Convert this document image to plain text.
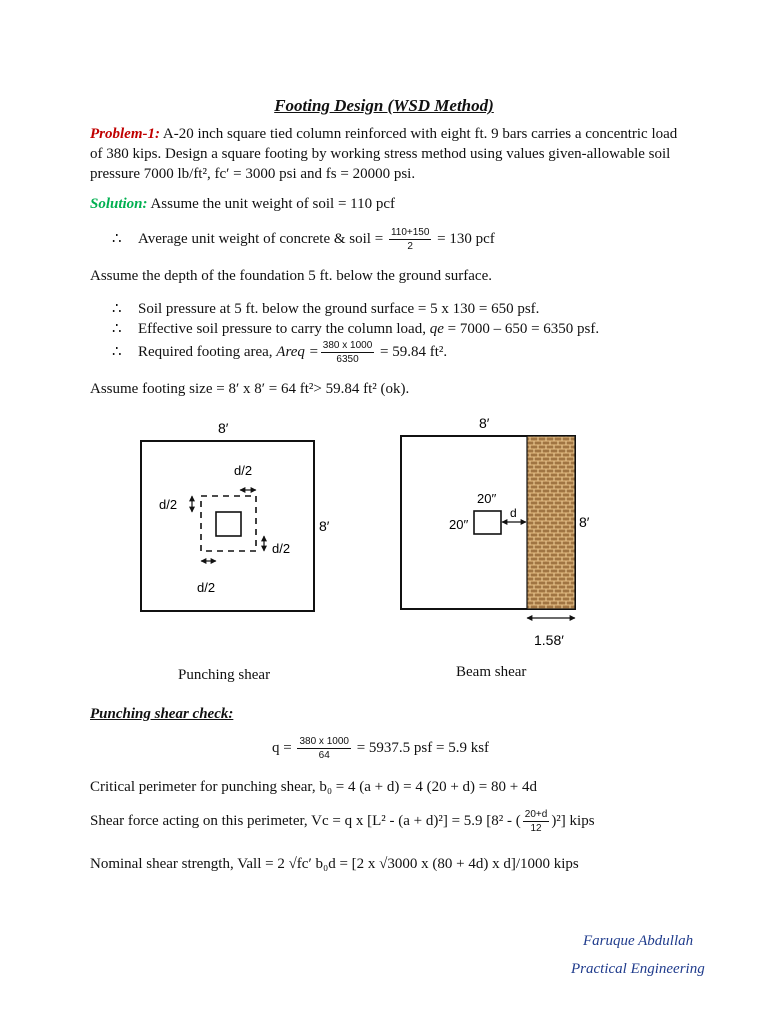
Footing Design (WSD Method)
Problem-1: A-20 inch square tied column reinforced with eight ft. 9 bars carries a concentric load
of 380 kips. Design a square footing by working stress method using values given-allowable soil
pressure 7000 lb/ft², fc′ = 3000 psi and fs = 20000 psi.
Solution: Assume the unit weight of soil = 110 pcf
∴ Average unit weight of concrete & soil = $\frac{110+150}{2} = 130$ pcf
Assume the depth of the foundation 5 ft. below the ground surface.
∴ Soil pressure at 5 ft. below the ground surface = 5 x 130 = 650 psf.
∴ Effective soil pressure to carry the column load, qe = 7000 – 650 = 6350 psf.
∴ Required footing area, Areq = $\frac{380 x 1000}{6350} = 59.84$ ft².
Assume footing size = 8′ x 8′ = 64 ft²> 59.84 ft² (ok).
8′
8′
d/2
d/2
d/2
d/2
8′
8′
20′′
20′′
d
1.58′
Punching shear	Beam shear
Punching shear check:
$q = \frac{380 x 1000}{64} = 5937.5$ psf = 5.9 ksf
Critical perimeter for punching shear, b₀ = 4 (a + d) = 4 (20 + d) = 80 + 4d
Shear force acting on this perimeter, Vc = q x [L² - (a + d)²] = 5.9 [8² - ( $\frac{20+d}{12} )^2$] kips
Nominal shear strength, Vall = 2 √fc′ b₀d = [2 x √3000 x (80 + 4d) x d]/1000 kips
Faruque Abdullah
Practical Engineering
